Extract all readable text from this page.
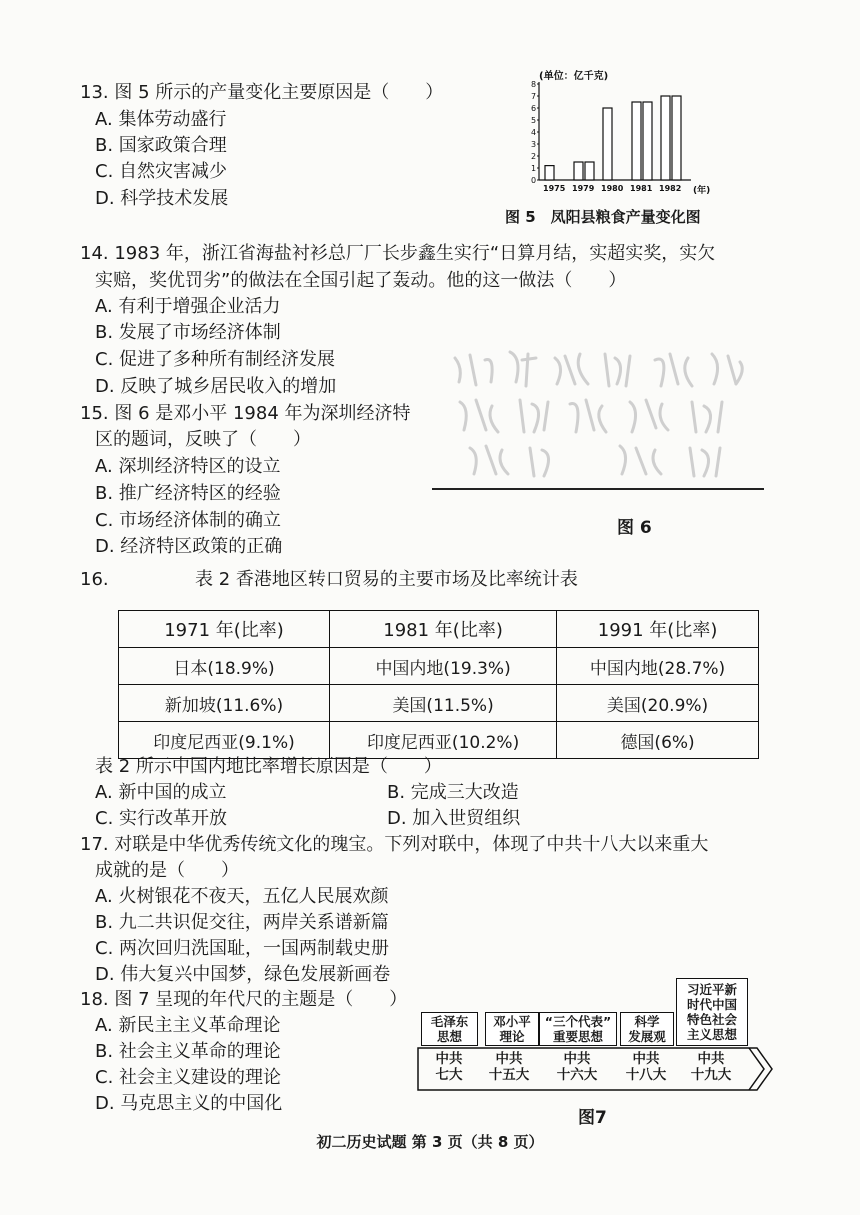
13. 图 5 所示的产量变化主要原因是（　　）
A. 集体劳动盛行
B. 国家政策合理
C. 自然灾害减少
D. 科学技术发展
(单位：亿千克)
(年)
0
1
2
3
4
5
6
7
8
1975 1979 1980 1981 1982
图 5　凤阳县粮食产量变化图
14. 1983 年，浙江省海盐衬衫总厂厂长步鑫生实行“日算月结，实超实奖，实欠
实赔，奖优罚劣”的做法在全国引起了轰动。他的这一做法（　　）
A. 有利于增强企业活力
B. 发展了市场经济体制
C. 促进了多种所有制经济发展
D. 反映了城乡居民收入的增加
15. 图 6 是邓小平 1984 年为深圳经济特
区的题词，反映了（　　）
A. 深圳经济特区的设立
B. 推广经济特区的经验
C. 市场经济体制的确立
D. 经济特区政策的正确
图 6
16.	表 2 香港地区转口贸易的主要市场及比率统计表
1971 年(比率)	1981 年(比率)	1991 年(比率)
日本(18.9%)	中国内地(19.3%)	中国内地(28.7%)
新加坡(11.6%)	美国(11.5%)	美国(20.9%)
印度尼西亚(9.1%)	印度尼西亚(10.2%)	德国(6%)
表 2 所示中国内地比率增长原因是（　　）
A. 新中国的成立	B. 完成三大改造
C. 实行改革开放	D. 加入世贸组织
17. 对联是中华优秀传统文化的瑰宝。下列对联中，体现了中共十八大以来重大
成就的是（　　）
A. 火树银花不夜天，五亿人民展欢颜
B. 九二共识促交往，两岸关系谱新篇
C. 两次回归洗国耻，一国两制载史册
D. 伟大复兴中国梦，绿色发展新画卷
18. 图 7 呈现的年代尺的主题是（　　）
A. 新民主主义革命理论
B. 社会主义革命的理论
C. 社会主义建设的理论
D. 马克思主义的中国化
毛泽东
思想
邓小平
理论
“三个代表”
重要思想
科学
发展观
习近平新
时代中国
特色社会
主义思想
中共
七大
中共
十五大
中共
十六大
中共
十八大
中共
十九大
图7
初二历史试题 第 3 页（共 8 页）
